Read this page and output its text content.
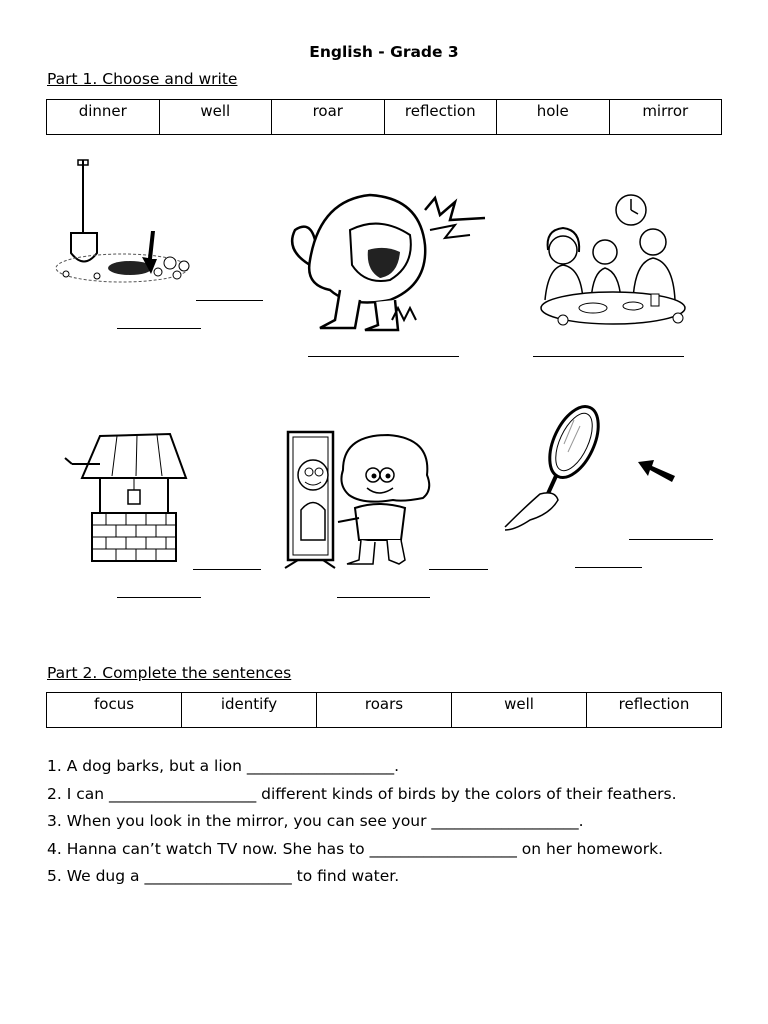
English - Grade 3
Part 1. Choose and write
dinner	well	roar	reflection	hole	mirror
Part 2. Complete the sentences
focus	identify	roars	well	reflection

1. A dog barks, but a lion ___________________.

2. I can ___________________ different kinds of birds by the colors of their feathers.

3. When you look in the mirror, you can see your ___________________.

4. Hanna can’t watch TV now. She has to ___________________ on her homework.

5. We dug a ___________________ to find water.
